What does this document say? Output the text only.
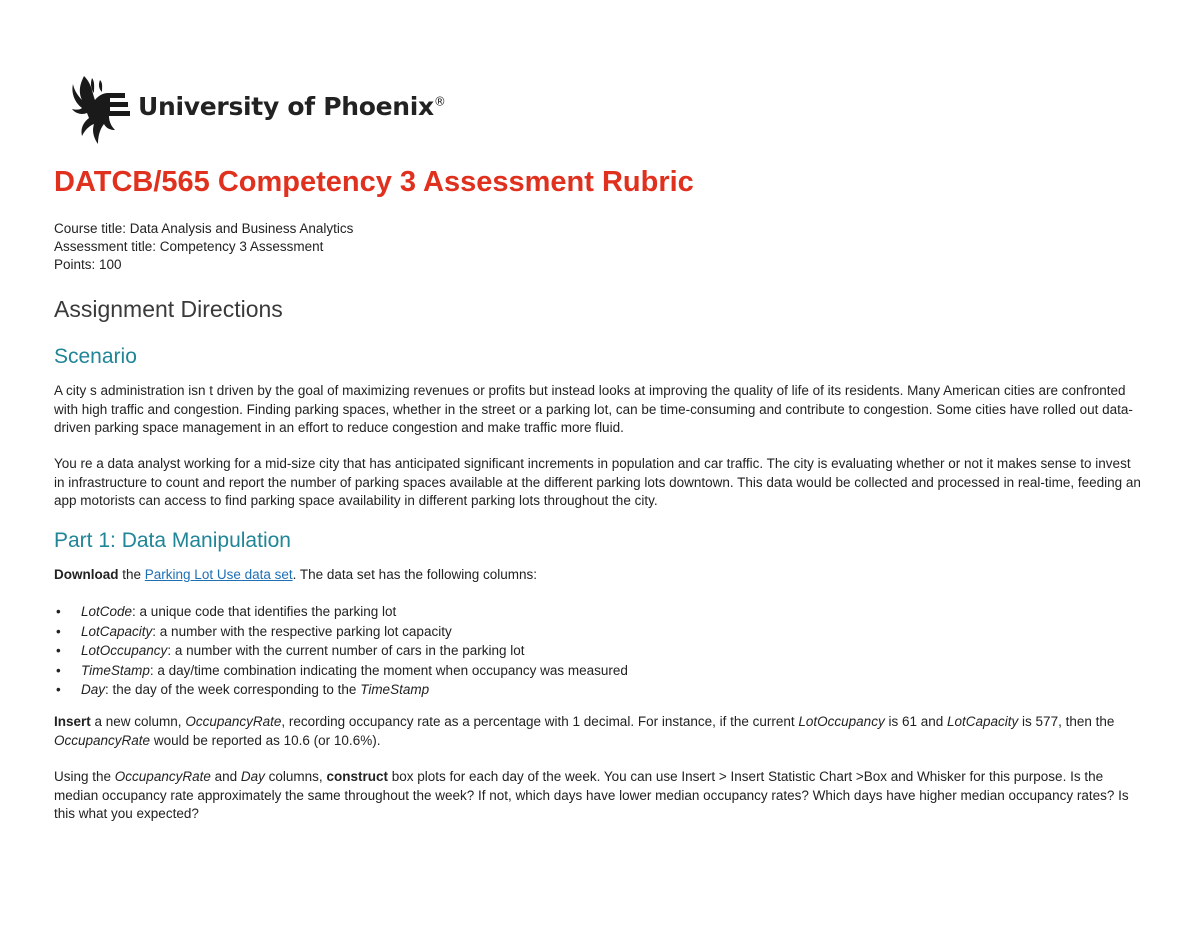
University of Phoenix®
DATCB/565 Competency 3 Assessment Rubric
Course title: Data Analysis and Business Analytics
Assessment title: Competency 3 Assessment
Points: 100
Assignment Directions
Scenario

A city s administration isn t driven by the goal of maximizing revenues or profits but instead looks at improving the quality of life of its residents. Many American cities are confronted with high traffic and congestion. Finding parking spaces, whether in the street or a parking lot, can be time-consuming and contribute to congestion. Some cities have rolled out data-driven parking space management in an effort to reduce congestion and make traffic more fluid.

You re a data analyst working for a mid-size city that has anticipated significant increments in population and car traffic. The city is evaluating whether or not it makes sense to invest in infrastructure to count and report the number of parking spaces available at the different parking lots downtown. This data would be collected and processed in real-time, feeding an app motorists can access to find parking space availability in different parking lots throughout the city.

Part 1: Data Manipulation

Download the Parking Lot Use data set. The data set has the following columns:

• LotCode: a unique code that identifies the parking lot
• LotCapacity: a number with the respective parking lot capacity
• LotOccupancy: a number with the current number of cars in the parking lot
• TimeStamp: a day/time combination indicating the moment when occupancy was measured
• Day: the day of the week corresponding to the TimeStamp

Insert a new column, OccupancyRate, recording occupancy rate as a percentage with 1 decimal. For instance, if the current LotOccupancy is 61 and LotCapacity is 577, then the OccupancyRate would be reported as 10.6 (or 10.6%).

Using the OccupancyRate and Day columns, construct box plots for each day of the week. You can use Insert > Insert Statistic Chart >Box and Whisker for this purpose. Is the median occupancy rate approximately the same throughout the week? If not, which days have lower median occupancy rates? Which days have higher median occupancy rates? Is this what you expected?
